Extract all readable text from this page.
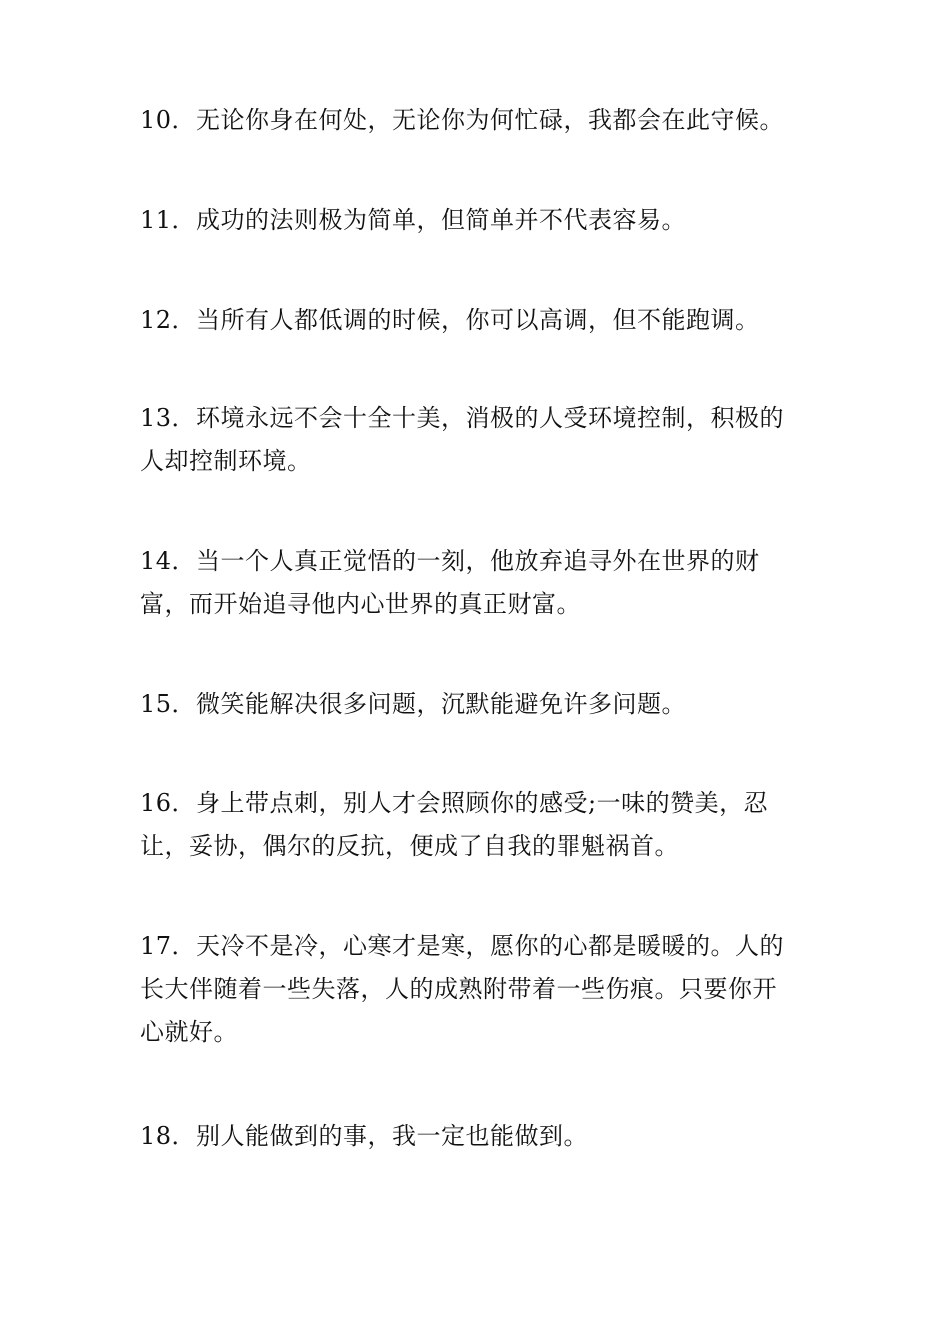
10．无论你身在何处，无论你为何忙碌，我都会在此守候。

11．成功的法则极为简单，但简单并不代表容易。

12．当所有人都低调的时候，你可以高调，但不能跑调。

13．环境永远不会十全十美，消极的人受环境控制，积极的人却控制环境。

14．当一个人真正觉悟的一刻，他放弃追寻外在世界的财富，而开始追寻他内心世界的真正财富。

15．微笑能解决很多问题，沉默能避免许多问题。

16．身上带点刺，别人才会照顾你的感受;一味的赞美，忍让，妥协，偶尔的反抗，便成了自我的罪魁祸首。

17．天冷不是冷，心寒才是寒，愿你的心都是暖暖的。人的长大伴随着一些失落，人的成熟附带着一些伤痕。只要你开心就好。

18．别人能做到的事，我一定也能做到。
